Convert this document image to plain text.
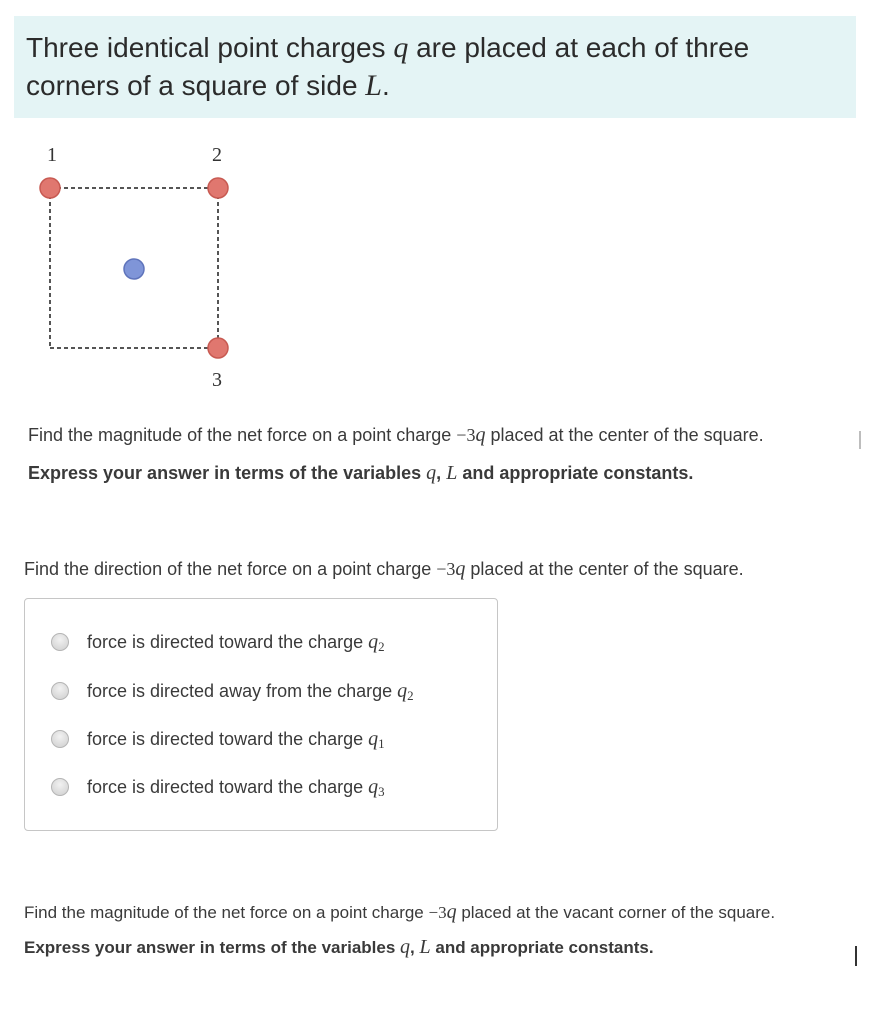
Three identical point charges q are placed at each of three corners of a square of side L.
1	2
3
Find the magnitude of the net force on a point charge −3q placed at the center of the square.
Express your answer in terms of the variables q, L and appropriate constants.
Find the direction of the net force on a point charge −3q placed at the center of the square.
force is directed toward the charge $q_2$
force is directed away from the charge $q_2$
force is directed toward the charge $q_1$
force is directed toward the charge $q_3$
Find the magnitude of the net force on a point charge −3q placed at the vacant corner of the square.
Express your answer in terms of the variables q, L and appropriate constants.
